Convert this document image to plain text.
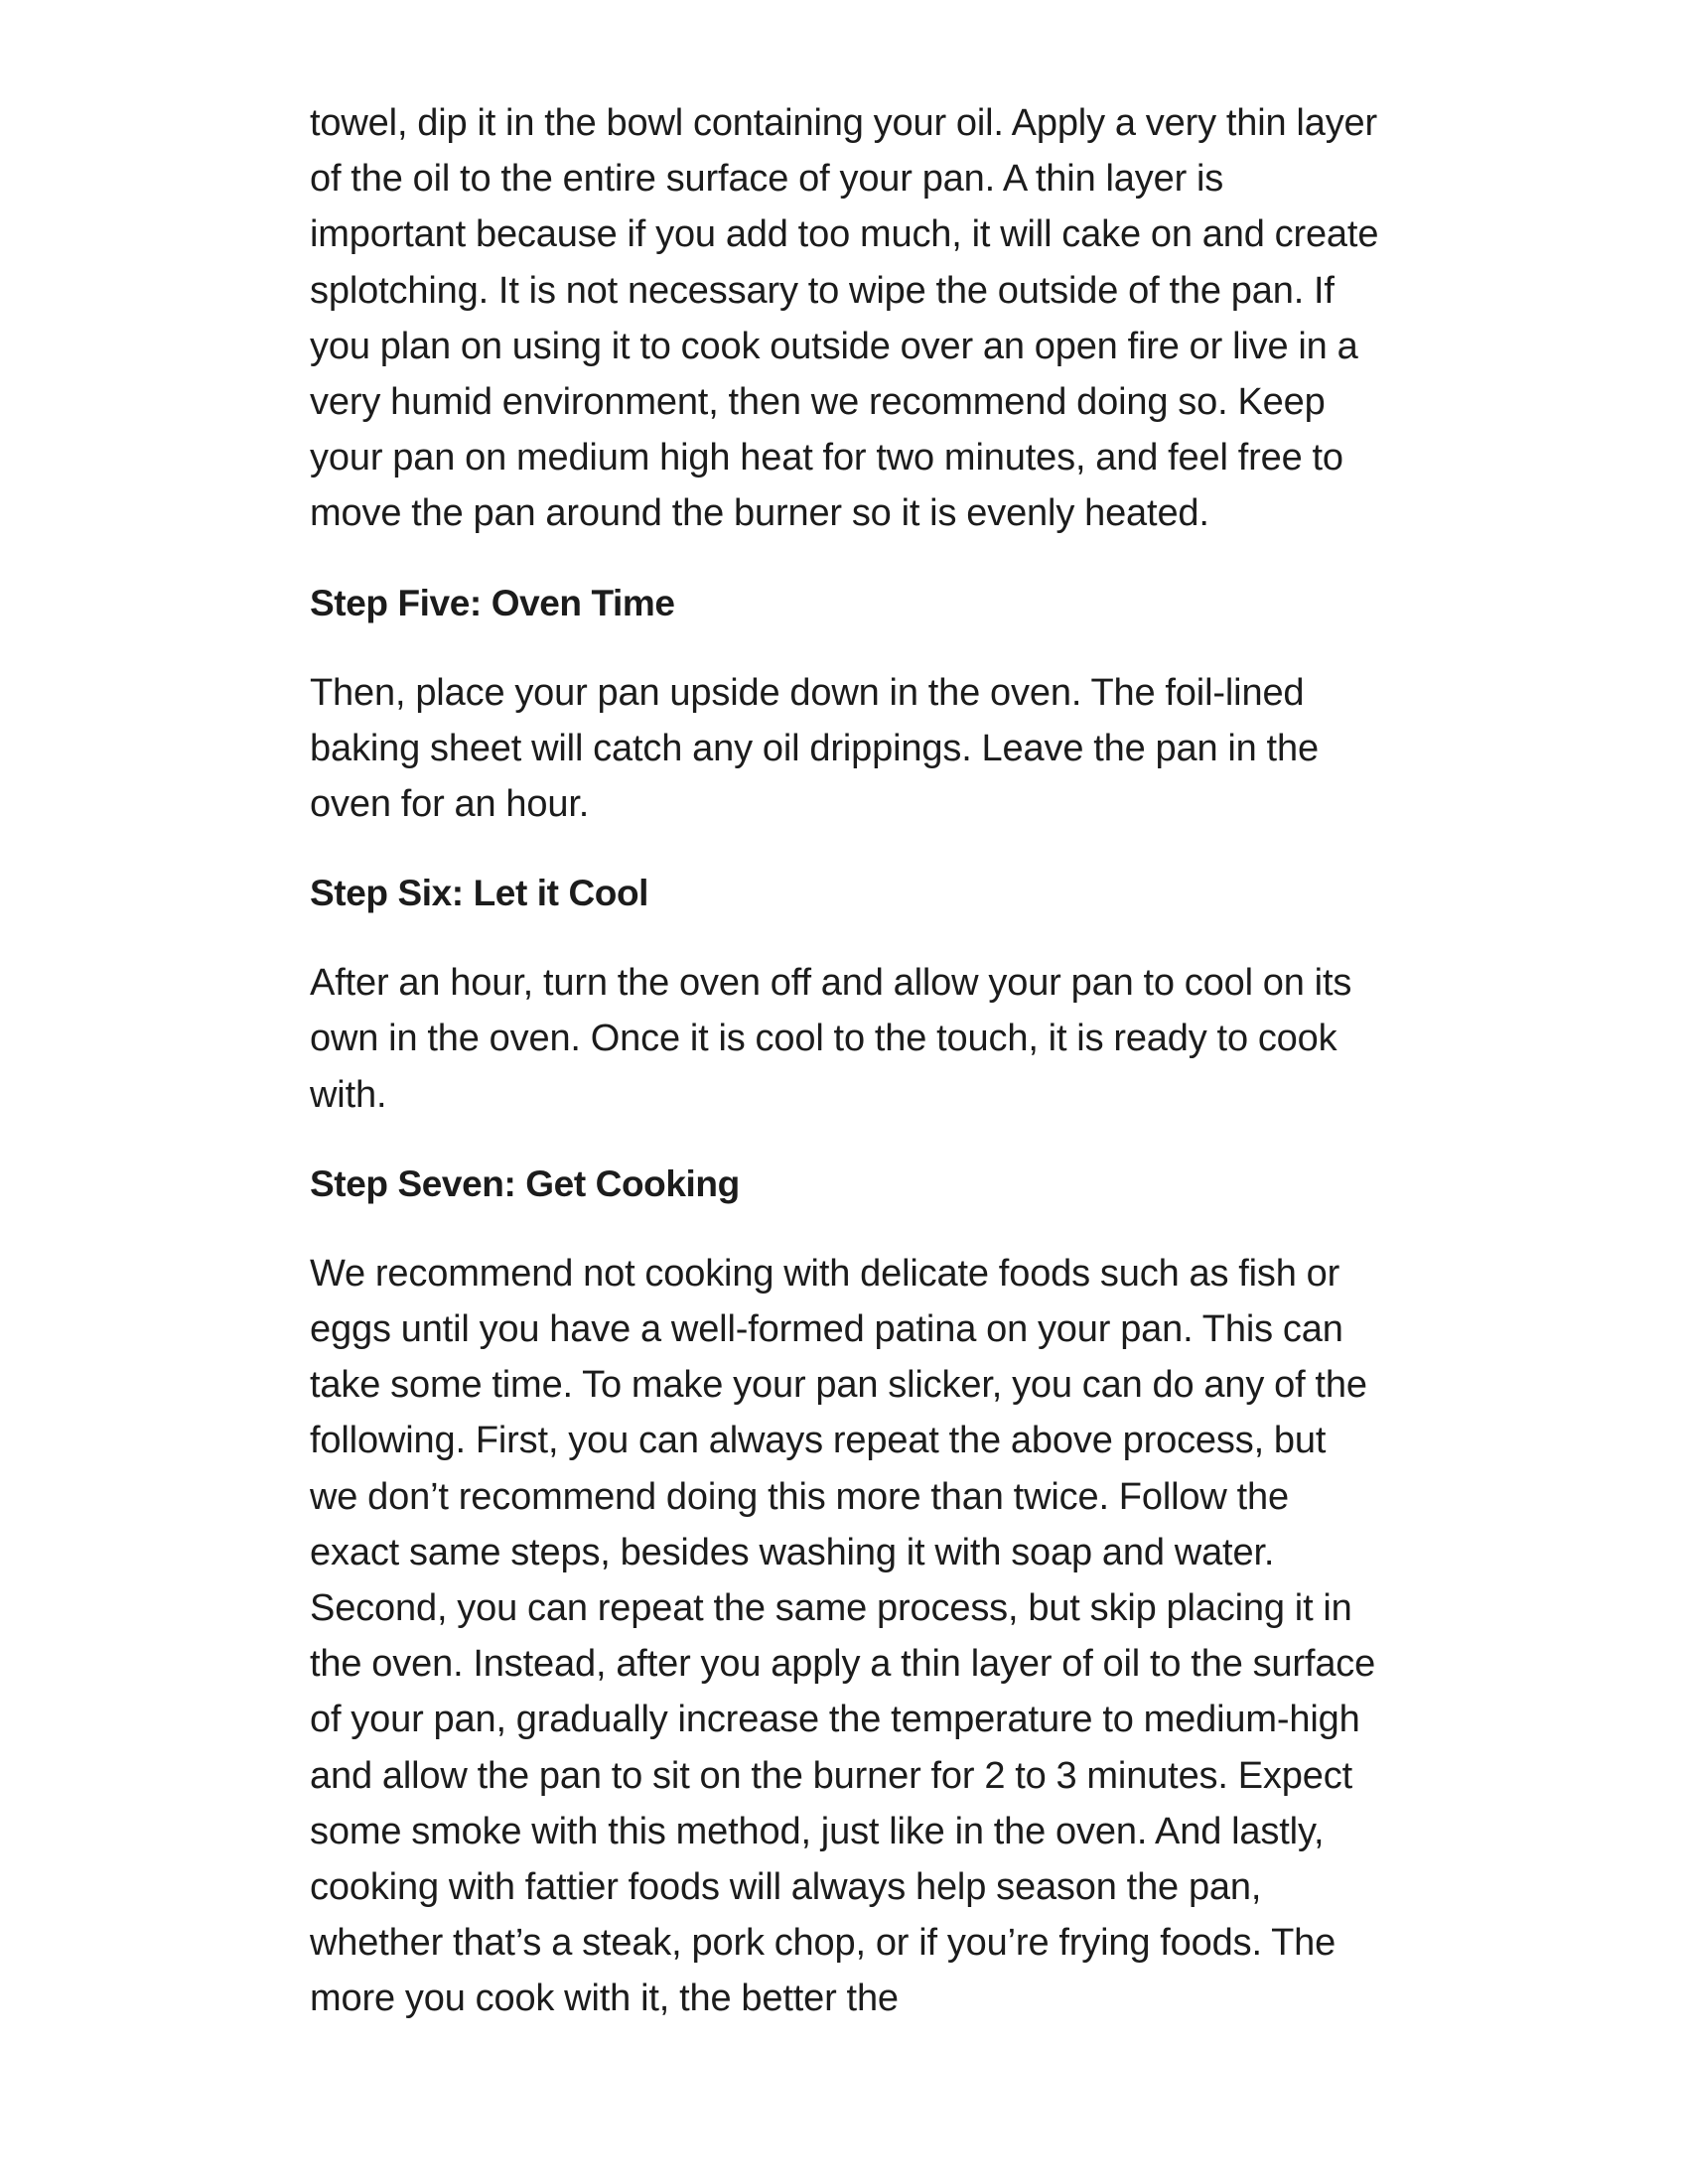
towel, dip it in the bowl containing your oil. Apply a very thin layer of the oil to the entire surface of your pan. A thin layer is important because if you add too much, it will cake on and create splotching. It is not necessary to wipe the outside of the pan. If you plan on using it to cook outside over an open fire or live in a very humid environment, then we recommend doing so. Keep your pan on medium high heat for two minutes, and feel free to move the pan around the burner so it is evenly heated.

Step Five: Oven Time

Then, place your pan upside down in the oven. The foil-lined baking sheet will catch any oil drippings. Leave the pan in the oven for an hour.

Step Six: Let it Cool

After an hour, turn the oven off and allow your pan to cool on its own in the oven. Once it is cool to the touch, it is ready to cook with.

Step Seven: Get Cooking

We recommend not cooking with delicate foods such as fish or eggs until you have a well-formed patina on your pan. This can take some time. To make your pan slicker, you can do any of the following. First, you can always repeat the above process, but we don’t recommend doing this more than twice. Follow the exact same steps, besides washing it with soap and water. Second, you can repeat the same process, but skip placing it in the oven. Instead, after you apply a thin layer of oil to the surface of your pan, gradually increase the temperature to medium-high and allow the pan to sit on the burner for 2 to 3 minutes. Expect some smoke with this method, just like in the oven. And lastly, cooking with fattier foods will always help season the pan, whether that’s a steak, pork chop, or if you’re frying foods. The more you cook with it, the better the
